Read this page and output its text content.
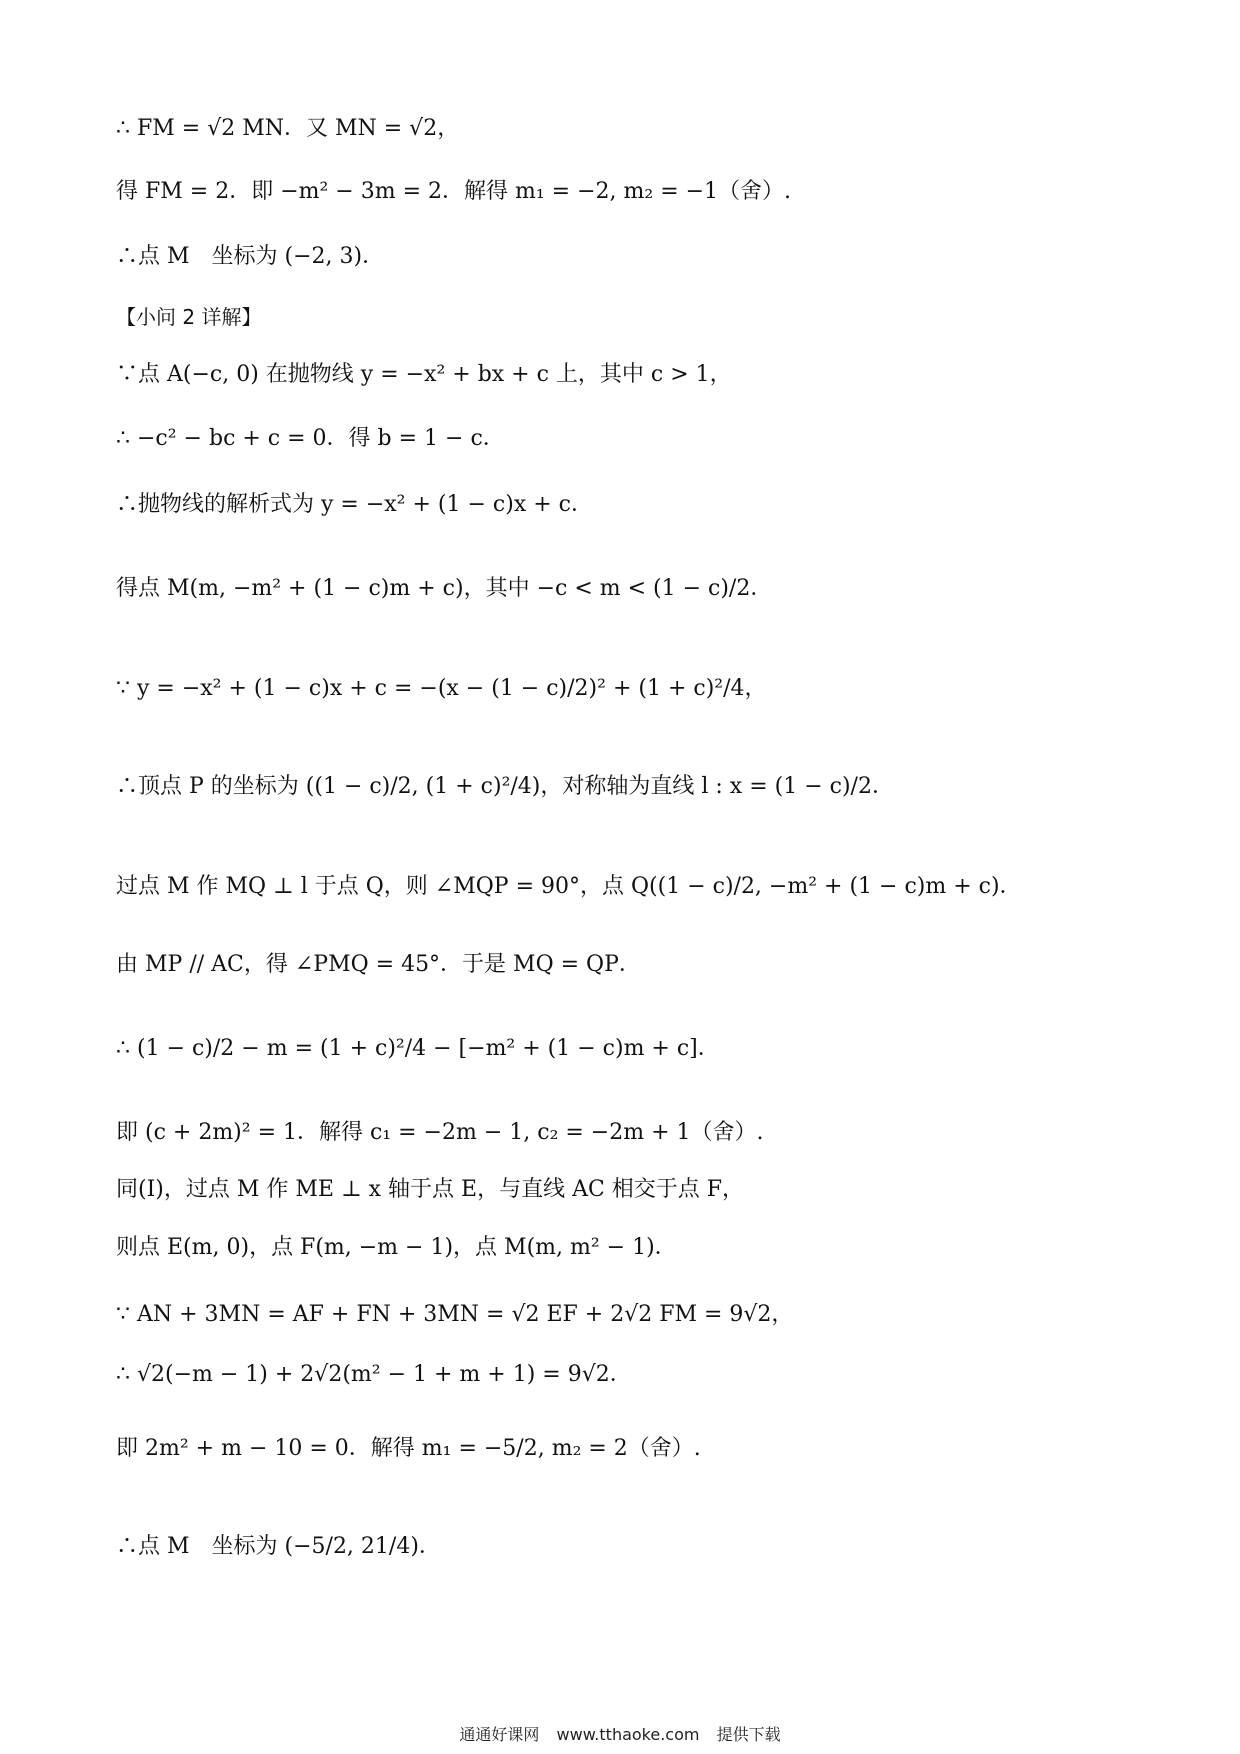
∴ FM = √2 MN．又 MN = √2，
得 FM = 2．即 −m² − 3m = 2．解得 m₁ = −2, m₂ = −1（舍）.
∴点 M　坐标为 (−2, 3)．
【小问 2 详解】
∵点 A(−c, 0) 在抛物线 y = −x² + bx + c 上，其中 c > 1，
∴ −c² − bc + c = 0．得 b = 1 − c．
∴抛物线的解析式为 y = −x² + (1 − c)x + c．
得点 M(m, −m² + (1 − c)m + c)，其中 −c < m < (1 − c)/2．
∵ y = −x² + (1 − c)x + c = −(x − (1 − c)/2)² + (1 + c)²/4，
∴顶点 P 的坐标为 ((1 − c)/2, (1 + c)²/4)，对称轴为直线 l : x = (1 − c)/2．
过点 M 作 MQ ⊥ l 于点 Q，则 ∠MQP = 90°，点 Q((1 − c)/2, −m² + (1 − c)m + c)．
由 MP // AC，得 ∠PMQ = 45°．于是 MQ = QP．
∴ (1 − c)/2 − m = (1 + c)²/4 − [−m² + (1 − c)m + c]．
即 (c + 2m)² = 1．解得 c₁ = −2m − 1, c₂ = −2m + 1（舍）.
同(I)，过点 M 作 ME ⊥ x 轴于点 E，与直线 AC 相交于点 F，
则点 E(m, 0)，点 F(m, −m − 1)，点 M(m, m² − 1)．
∵ AN + 3MN = AF + FN + 3MN = √2 EF + 2√2 FM = 9√2，
∴ √2(−m − 1) + 2√2(m² − 1 + m + 1) = 9√2．
即 2m² + m − 10 = 0．解得 m₁ = −5/2, m₂ = 2（舍）.
∴点 M　坐标为 (−5/2, 21/4)．
通通好课网 www.tthaoke.com 提供下载
